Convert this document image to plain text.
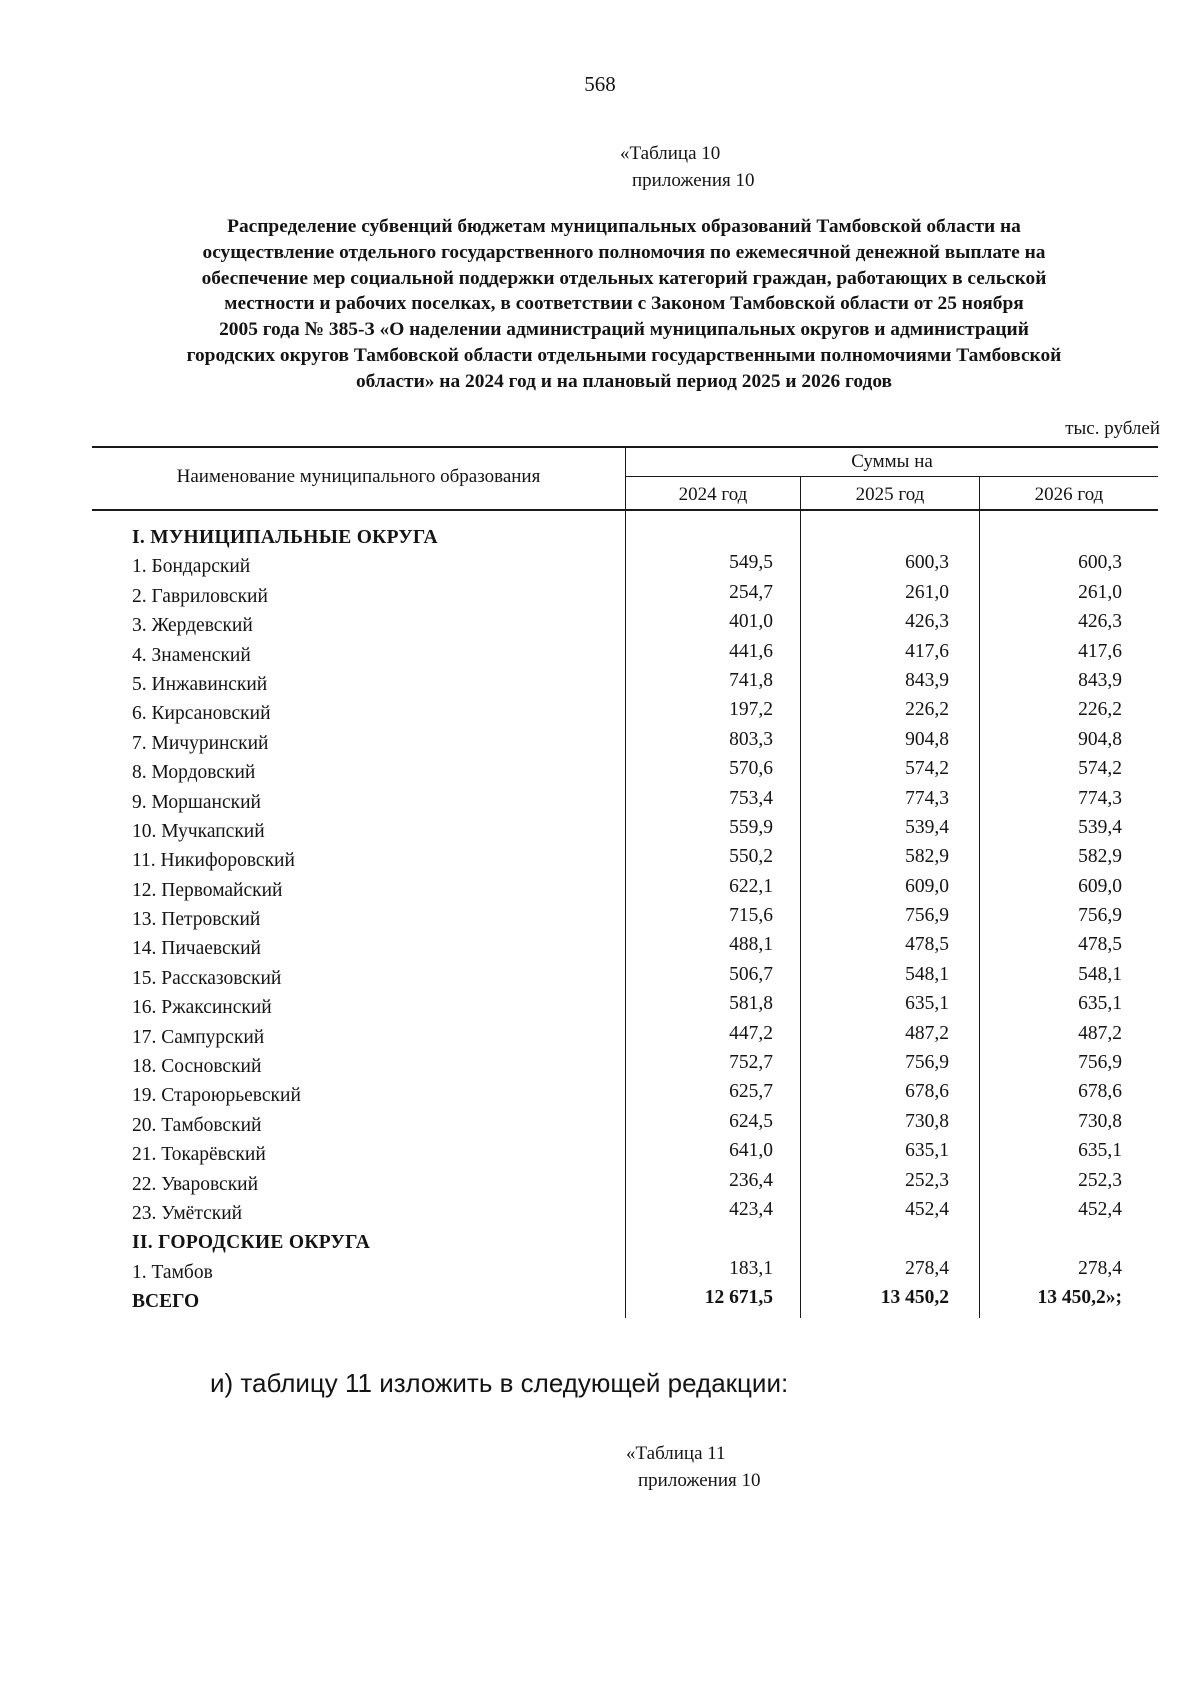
568
«Таблица 10
приложения 10
Распределение субвенций бюджетам муниципальных образований Тамбовской области на
осуществление отдельного государственного полномочия по ежемесячной денежной выплате на
обеспечение мер социальной поддержки отдельных категорий граждан, работающих в сельской
местности и рабочих поселках, в соответствии с Законом Тамбовской области от 25 ноября
2005 года № 385-З «О наделении администраций муниципальных округов и администраций
городских округов Тамбовской области отдельными государственными полномочиями Тамбовской
области» на 2024 год и на плановый период 2025 и 2026 годов
тыс. рублей
Наименование муниципального образования
Суммы на
2024 год	2025 год	2026 год
I. МУНИЦИПАЛЬНЫЕ ОКРУГА
1. Бондарский	549,5	600,3	600,3
2. Гавриловский	254,7	261,0	261,0
3. Жердевский	401,0	426,3	426,3
4. Знаменский	441,6	417,6	417,6
5. Инжавинский	741,8	843,9	843,9
6. Кирсановский	197,2	226,2	226,2
7. Мичуринский	803,3	904,8	904,8
8. Мордовский	570,6	574,2	574,2
9. Моршанский	753,4	774,3	774,3
10. Мучкапский	559,9	539,4	539,4
11. Никифоровский	550,2	582,9	582,9
12. Первомайский	622,1	609,0	609,0
13. Петровский	715,6	756,9	756,9
14. Пичаевский	488,1	478,5	478,5
15. Рассказовский	506,7	548,1	548,1
16. Ржаксинский	581,8	635,1	635,1
17. Сампурский	447,2	487,2	487,2
18. Сосновский	752,7	756,9	756,9
19. Староюрьевский	625,7	678,6	678,6
20. Тамбовский	624,5	730,8	730,8
21. Токарёвский	641,0	635,1	635,1
22. Уваровский	236,4	252,3	252,3
23. Умётский	423,4	452,4	452,4
II. ГОРОДСКИЕ ОКРУГА
1. Тамбов	183,1	278,4	278,4
ВСЕГО	12 671,5	13 450,2	13 450,2»;
и) таблицу 11 изложить в следующей редакции:
«Таблица 11
приложения 10
